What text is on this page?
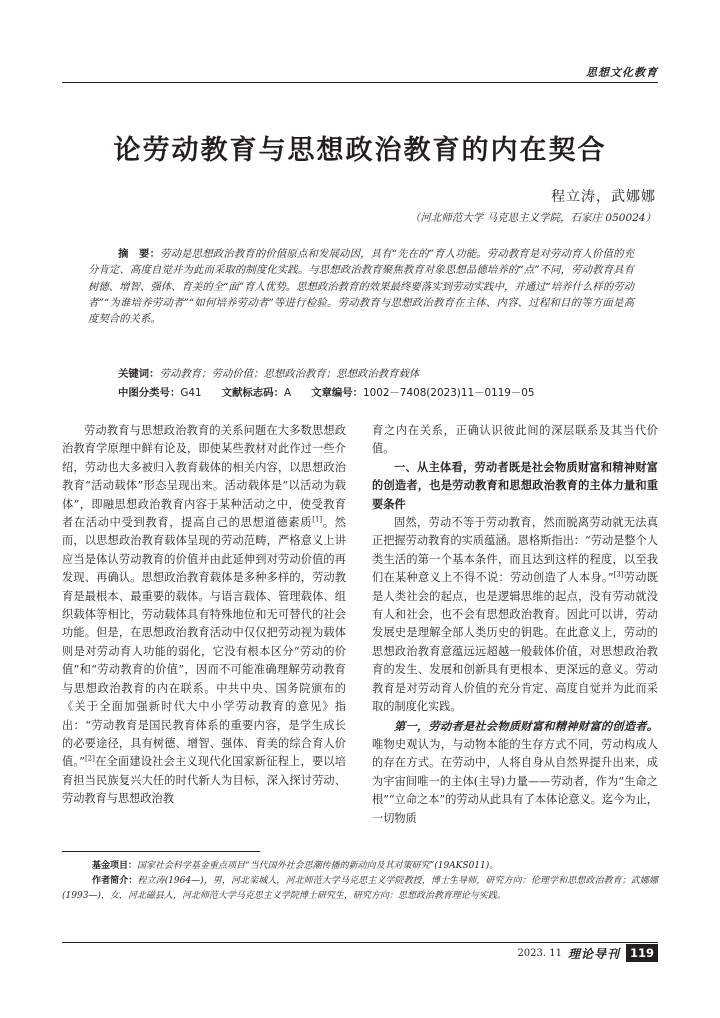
思想文化教育
论劳动教育与思想政治教育的内在契合
程立涛，武娜娜
（河北师范大学 马克思主义学院，石家庄 050024）
摘　要：劳动是思想政治教育的价值原点和发展动因，具有“先在的”育人功能。劳动教育是对劳动育人价值的充分肯定、高度自觉并为此而采取的制度化实践。与思想政治教育聚焦教育对象思想品德培养的“点”不同，劳动教育具有树德、增智、强体、育美的全“面”育人优势。思想政治教育的效果最终要落实到劳动实践中，并通过“培养什么样的劳动者”“为谁培养劳动者”“如何培养劳动者”等进行检验。劳动教育与思想政治教育在主体、内容、过程和目的等方面是高度契合的关系。
关键词：劳动教育；劳动价值；思想政治教育；思想政治教育载体
中图分类号：G41 文献标志码：A 文章编号：1002－7408(2023)11－0119－05

劳动教育与思想政治教育的关系问题在大多数思想政治教育学原理中鲜有论及，即使某些教材对此作过一些介绍，劳动也大多被归入教育载体的相关内容，以思想政治教育“活动载体”形态呈现出来。活动载体是“以活动为载体”，即融思想政治教育内容于某种活动之中，使受教育者在活动中受到教育，提高自己的思想道德素质[1]。然而，以思想政治教育载体呈现的劳动范畴，严格意义上讲应当是体认劳动教育的价值并由此延伸到对劳动价值的再发现、再确认。思想政治教育载体是多种多样的，劳动教育是最根本、最重要的载体。与语言载体、管理载体、组织载体等相比，劳动载体具有特殊地位和无可替代的社会功能。但是，在思想政治教育活动中仅仅把劳动视为载体则是对劳动育人功能的弱化，它没有根本区分“劳动的价值”和“劳动教育的价值”，因而不可能准确理解劳动教育与思想政治教育的内在联系。中共中央、国务院颁布的《关于全面加强新时代大中小学劳动教育的意见》指出：“劳动教育是国民教育体系的重要内容，是学生成长的必要途径，具有树德、增智、强体、育美的综合育人价值。”[2]在全面建设社会主义现代化国家新征程上，要以培育担当民族复兴大任的时代新人为目标，深入探讨劳动、劳动教育与思想政治教

育之内在关系，正确认识彼此间的深层联系及其当代价值。

一、从主体看，劳动者既是社会物质财富和精神财富的创造者，也是劳动教育和思想政治教育的主体力量和重要条件

固然，劳动不等于劳动教育，然而脱离劳动就无法真正把握劳动教育的实质蕴涵。恩格斯指出：“劳动是整个人类生活的第一个基本条件，而且达到这样的程度，以至我们在某种意义上不得不说：劳动创造了人本身。”[3]劳动既是人类社会的起点，也是逻辑思维的起点，没有劳动就没有人和社会，也不会有思想政治教育。因此可以讲，劳动发展史是理解全部人类历史的钥匙。在此意义上，劳动的思想政治教育意蕴远远超越一般载体价值，对思想政治教育的发生、发展和创新具有更根本、更深远的意义。劳动教育是对劳动育人价值的充分肯定、高度自觉并为此而采取的制度化实践。

第一，劳动者是社会物质财富和精神财富的创造者。唯物史观认为，与动物本能的生存方式不同，劳动构成人的存在方式。在劳动中，人将自身从自然界提升出来，成为宇宙间唯一的主体(主导)力量——劳动者，作为“生命之根”“立命之本”的劳动从此具有了本体论意义。迄今为止，一切物质

基金项目：国家社会科学基金重点项目“当代国外社会思潮传播的新动向及其对策研究”(19AKS011)。

作者简介：程立涛(1964—)，男，河北栾城人，河北师范大学马克思主义学院教授，博士生导师，研究方向：伦理学和思想政治教育；武娜娜(1993—)，女，河北磁县人，河北师范大学马克思主义学院博士研究生，研究方向：思想政治教育理论与实践。

2023. 11 理论导刊 119
